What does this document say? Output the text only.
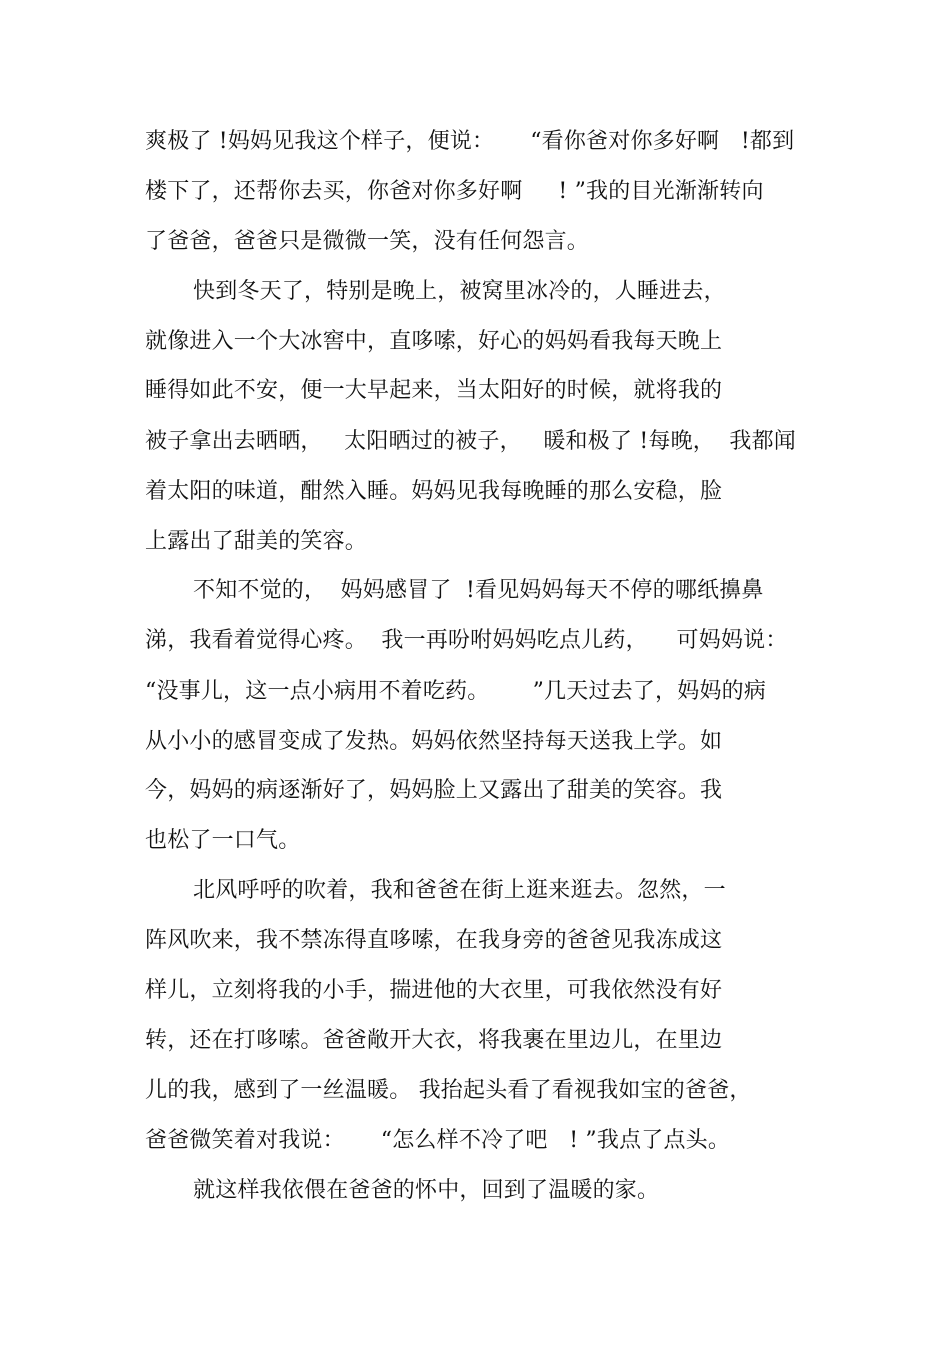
爽极了 !妈妈见我这个样子，便说：     “看你爸对你多好啊   !都到
楼下了，还帮你去买，你爸对你多好啊     ! ”我的目光渐渐转向
了爸爸，爸爸只是微微一笑，没有任何怨言。
快到冬天了，特别是晚上，被窝里冰冷的，人睡进去，
就像进入一个大冰窖中，直哆嗦，好心的妈妈看我每天晚上
睡得如此不安，便一大早起来，当太阳好的时候，就将我的
被子拿出去晒晒，   太阳晒过的被子，   暖和极了 !每晚，  我都闻
着太阳的味道，酣然入睡。妈妈见我每晚睡的那么安稳，脸
上露出了甜美的笑容。
不知不觉的，  妈妈感冒了  !看见妈妈每天不停的哪纸擤鼻
涕，我看着觉得心疼。  我一再吩咐妈妈吃点儿药，    可妈妈说：
“没事儿，这一点小病用不着吃药。      ”几天过去了，妈妈的病
从小小的感冒变成了发热。妈妈依然坚持每天送我上学。如
今，妈妈的病逐渐好了，妈妈脸上又露出了甜美的笑容。我
也松了一口气。
北风呼呼的吹着，我和爸爸在街上逛来逛去。忽然，一
阵风吹来，我不禁冻得直哆嗦，在我身旁的爸爸见我冻成这
样儿，立刻将我的小手，揣进他的大衣里，可我依然没有好
转，还在打哆嗦。爸爸敞开大衣，将我裹在里边儿，在里边
儿的我，感到了一丝温暖。 我抬起头看了看视我如宝的爸爸，
爸爸微笑着对我说：     “怎么样不冷了吧   ! ”我点了点头。
就这样我依偎在爸爸的怀中，回到了温暖的家。
